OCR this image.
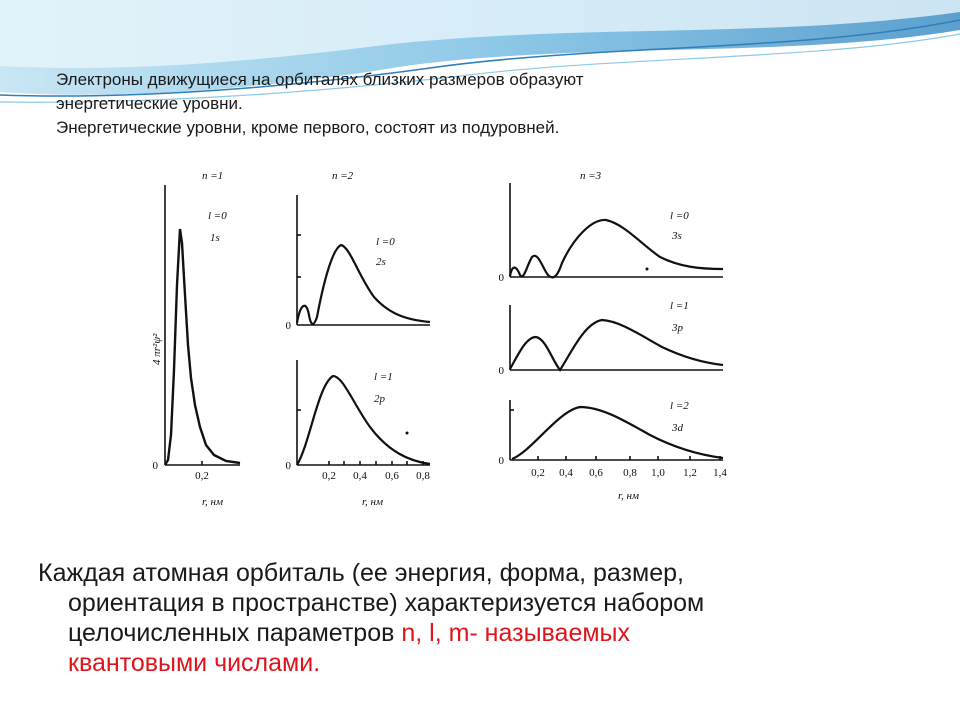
Электроны движущиеся на орбиталях близких размеров образуют

энергетические уровни.

Энергетические уровни, кроме первого, состоят из подуровней.

4 πr²ψ²
0
0
0
0
0
0
n =1
l =0
1s
n =2
l =0
2s
l =1
2p
n =3
l =0
3s
l =1
3p
l =2
3d
0,2
r, нм
0,2 0,4 0,6 0,8
r, нм
0,2 0,4 0,6 0,8 1,0 1,2 1,4
r, нм

Каждая атомная орбиталь (ее энергия, форма, размер,

ориентация в пространстве) характеризуется набором

целочисленных параметров n, l, m- называемых

квантовыми числами.
